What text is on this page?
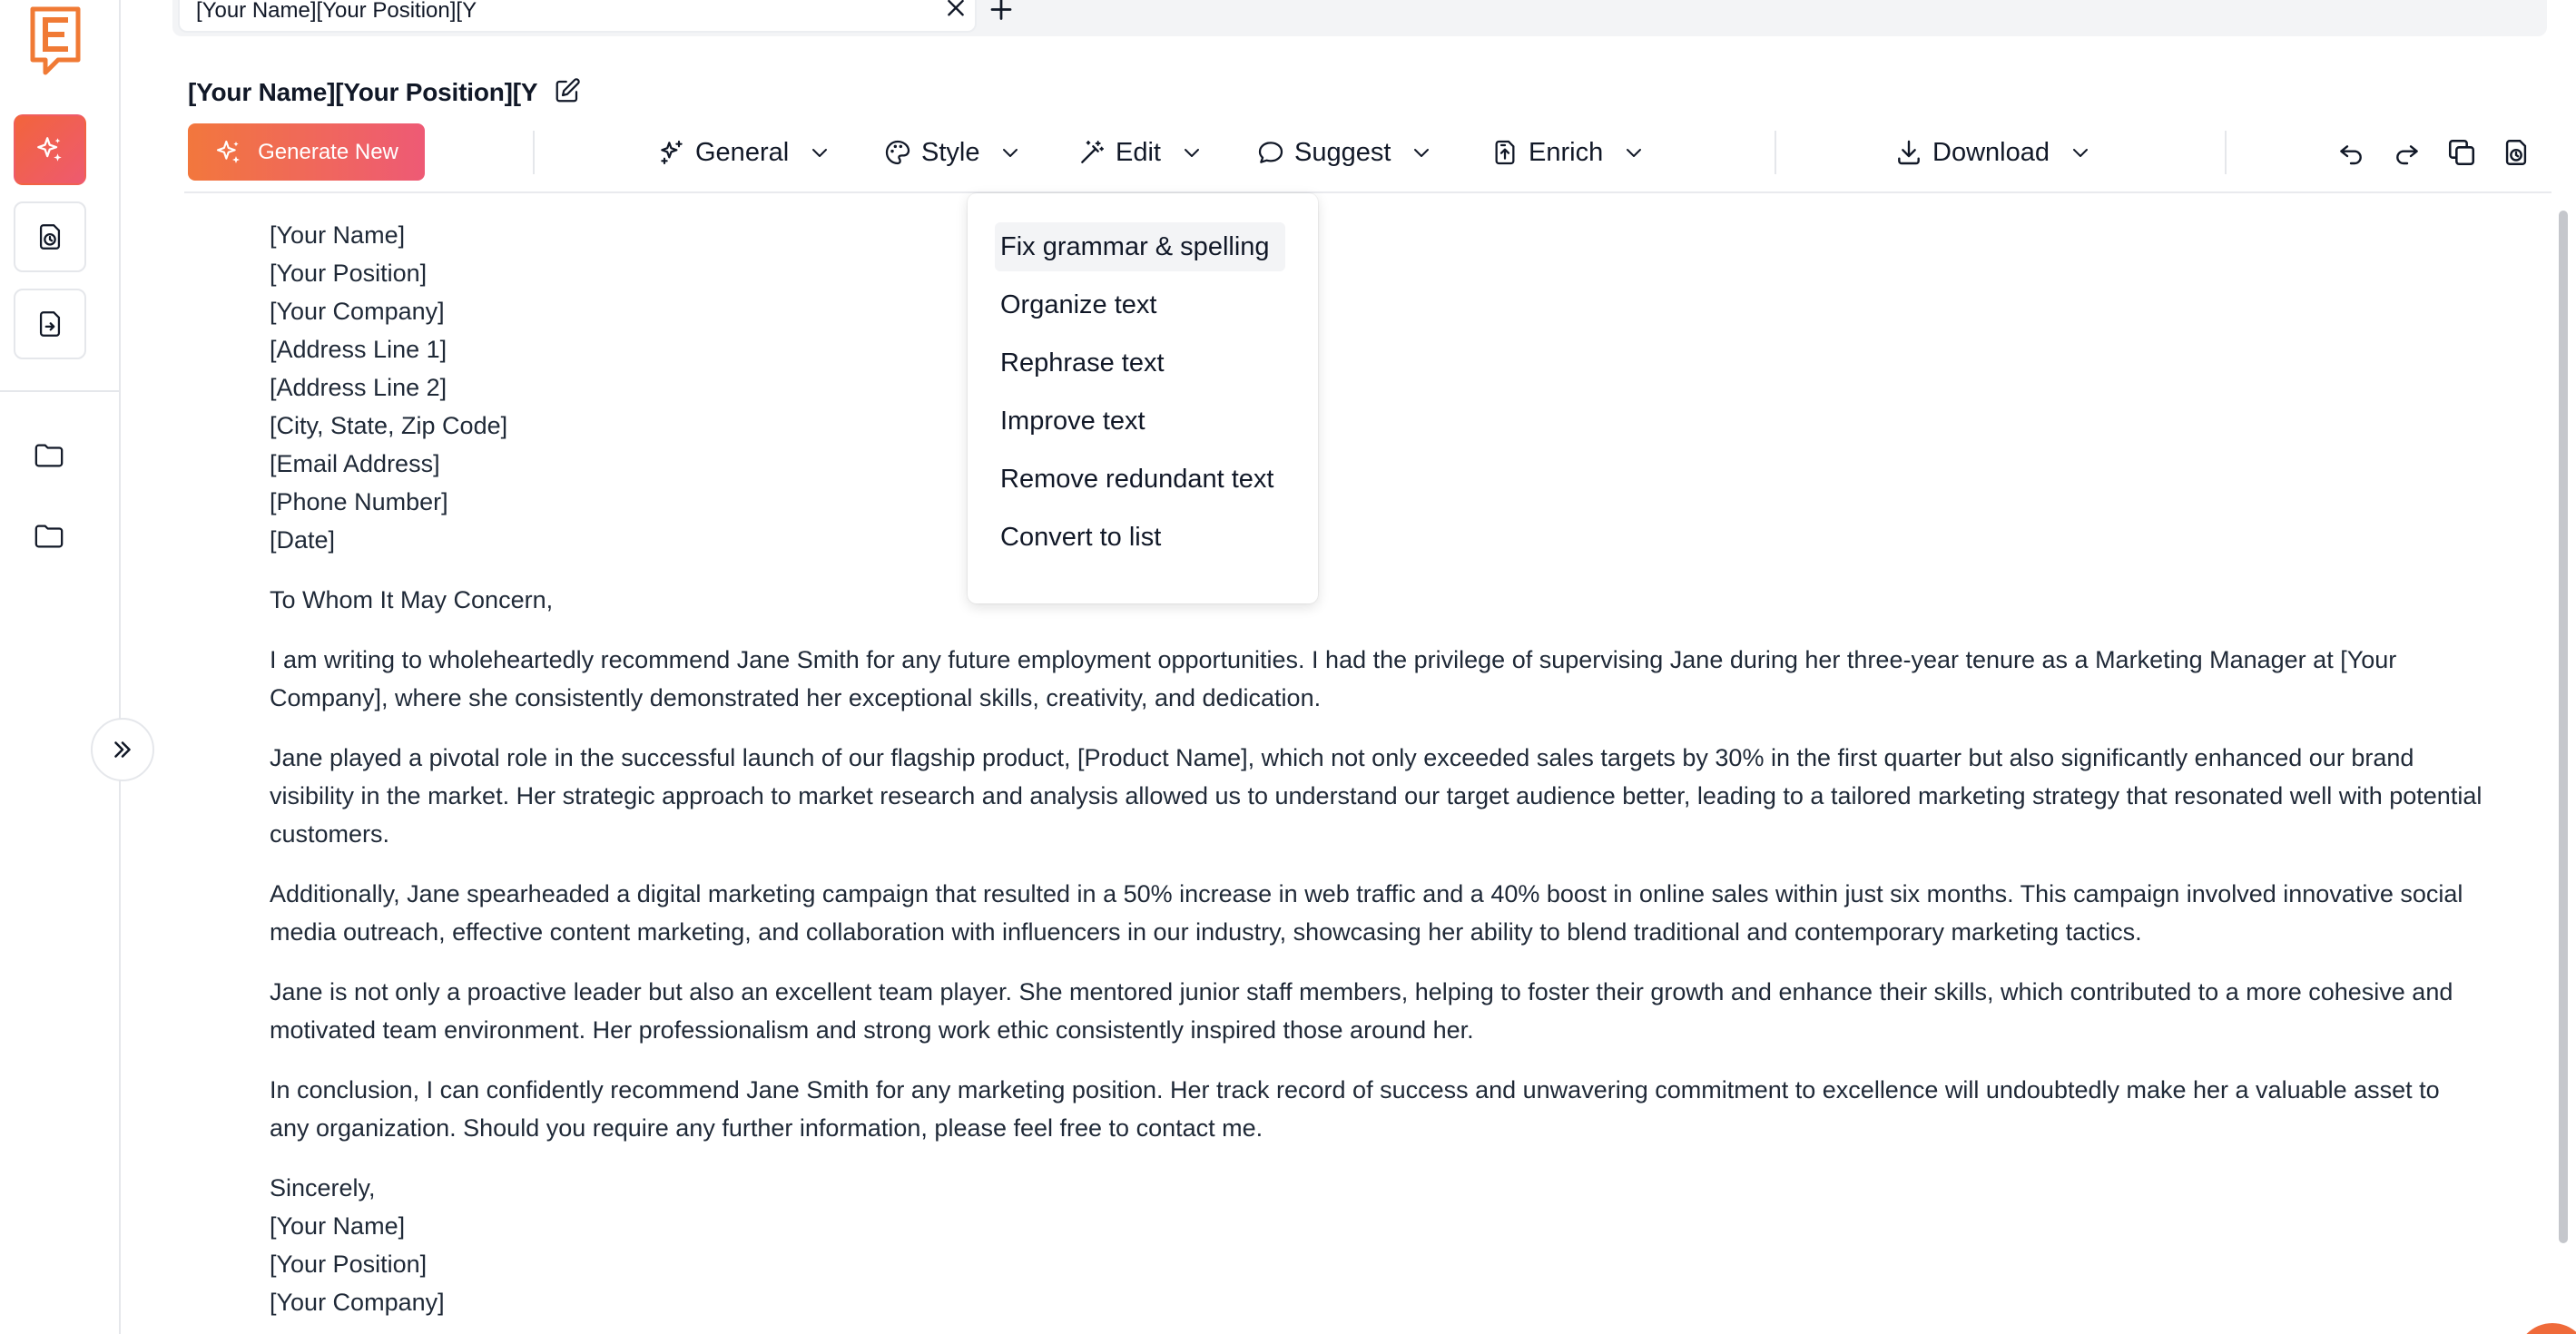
[Your Name][Your Position][Y
[Your Name][Your Position][Y
Generate New	General	Style	Edit	Suggest	Enrich	Download
[Your Name]
[Your Position]
[Your Company]
[Address Line 1]
[Address Line 2]
[City, State, Zip Code]
[Email Address]
[Phone Number]
[Date]

To Whom It May Concern,

I am writing to wholeheartedly recommend Jane Smith for any future employment opportunities. I had the privilege of supervising Jane during her three-year tenure as a Marketing Manager at [Your Company], where she consistently demonstrated her exceptional skills, creativity, and dedication.

Jane played a pivotal role in the successful launch of our flagship product, [Product Name], which not only exceeded sales targets by 30% in the first quarter but also significantly enhanced our brand visibility in the market. Her strategic approach to market research and analysis allowed us to understand our target audience better, leading to a tailored marketing strategy that resonated well with potential customers.

Additionally, Jane spearheaded a digital marketing campaign that resulted in a 50% increase in web traffic and a 40% boost in online sales within just six months. This campaign involved innovative social media outreach, effective content marketing, and collaboration with influencers in our industry, showcasing her ability to blend traditional and contemporary marketing tactics.

Jane is not only a proactive leader but also an excellent team player. She mentored junior staff members, helping to foster their growth and enhance their skills, which contributed to a more cohesive and motivated team environment. Her professionalism and strong work ethic consistently inspired those around her.

In conclusion, I can confidently recommend Jane Smith for any marketing position. Her track record of success and unwavering commitment to excellence will undoubtedly make her a valuable asset to any organization. Should you require any further information, please feel free to contact me.

Sincerely,
[Your Name]
[Your Position]
[Your Company]
Fix grammar & spelling
Organize text
Rephrase text
Improve text
Remove redundant text
Convert to list
